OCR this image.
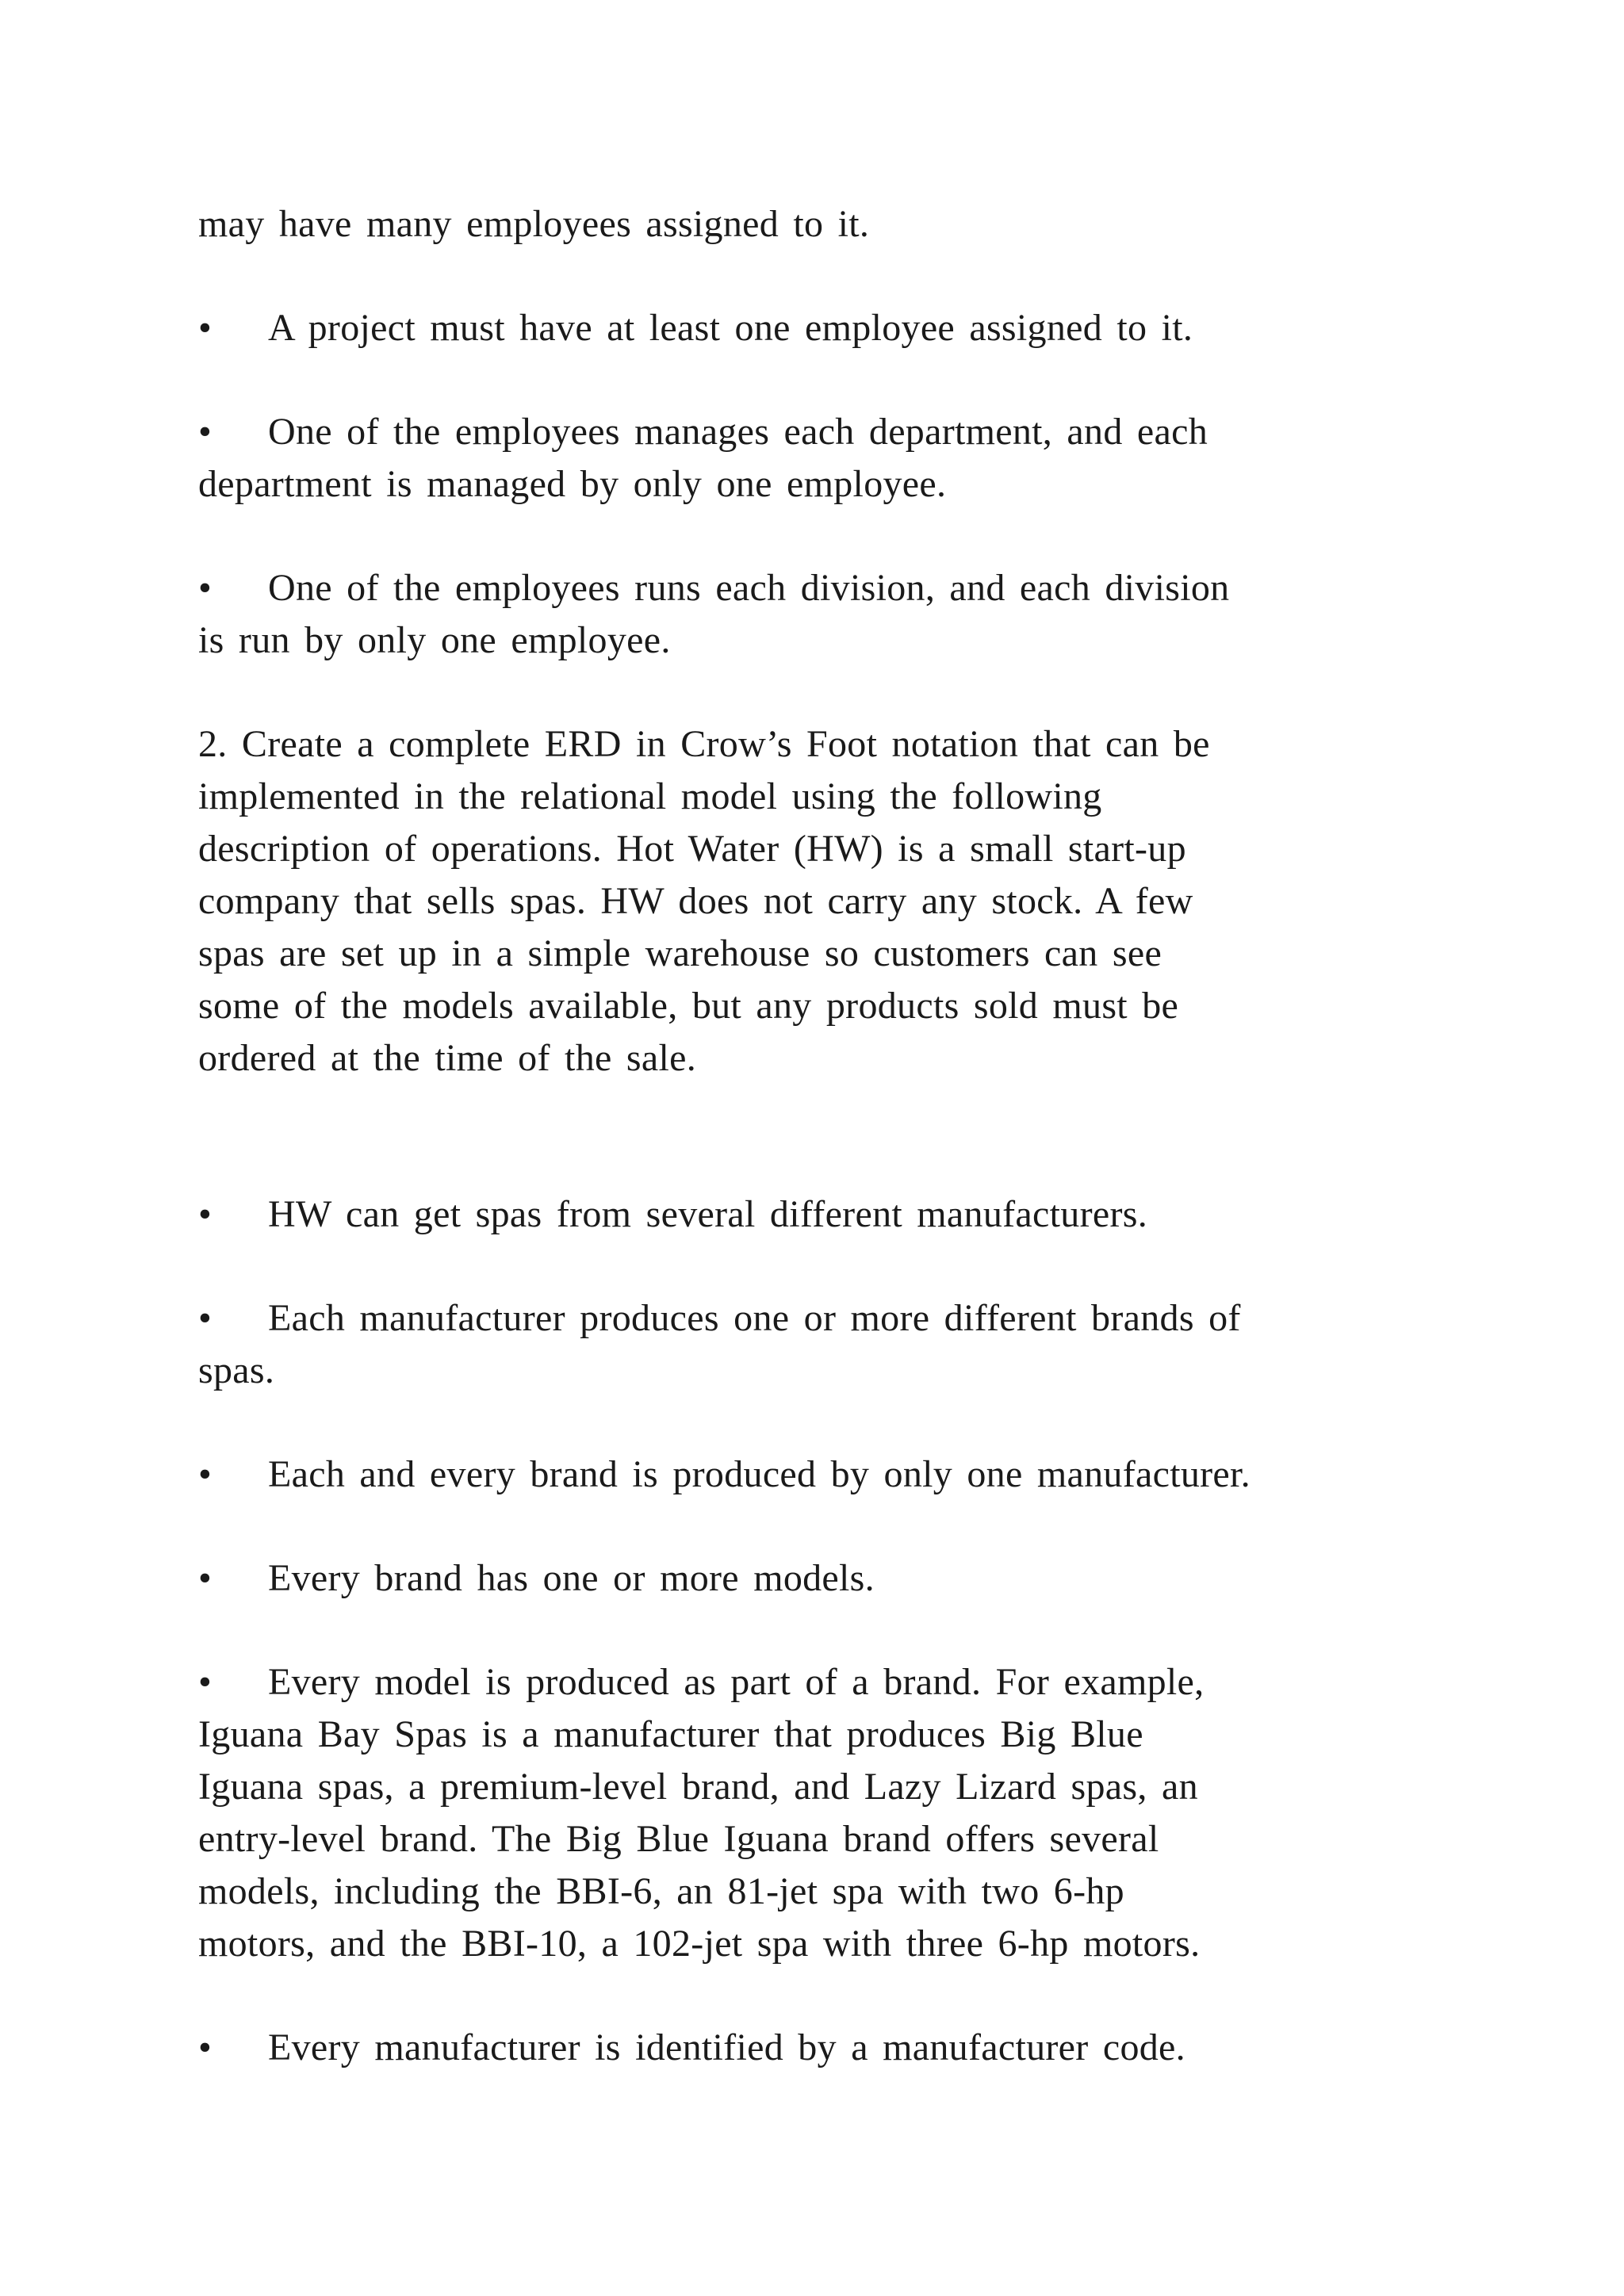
may have many employees assigned to it.
• A project must have at least one employee assigned to it.
• One of the employees manages each department, and each
department is managed by only one employee.
• One of the employees runs each division, and each division
is run by only one employee.
2. Create a complete ERD in Crow’s Foot notation that can be
implemented in the relational model using the following
description of operations. Hot Water (HW) is a small start-up
company that sells spas. HW does not carry any stock. A few
spas are set up in a simple warehouse so customers can see
some of the models available, but any products sold must be
ordered at the time of the sale.
• HW can get spas from several different manufacturers.
• Each manufacturer produces one or more different brands of
spas.
• Each and every brand is produced by only one manufacturer.
• Every brand has one or more models.
• Every model is produced as part of a brand. For example,
Iguana Bay Spas is a manufacturer that produces Big Blue
Iguana spas, a premium-level brand, and Lazy Lizard spas, an
entry-level brand. The Big Blue Iguana brand offers several
models, including the BBI-6, an 81-jet spa with two 6-hp
motors, and the BBI-10, a 102-jet spa with three 6-hp motors.
• Every manufacturer is identified by a manufacturer code.
